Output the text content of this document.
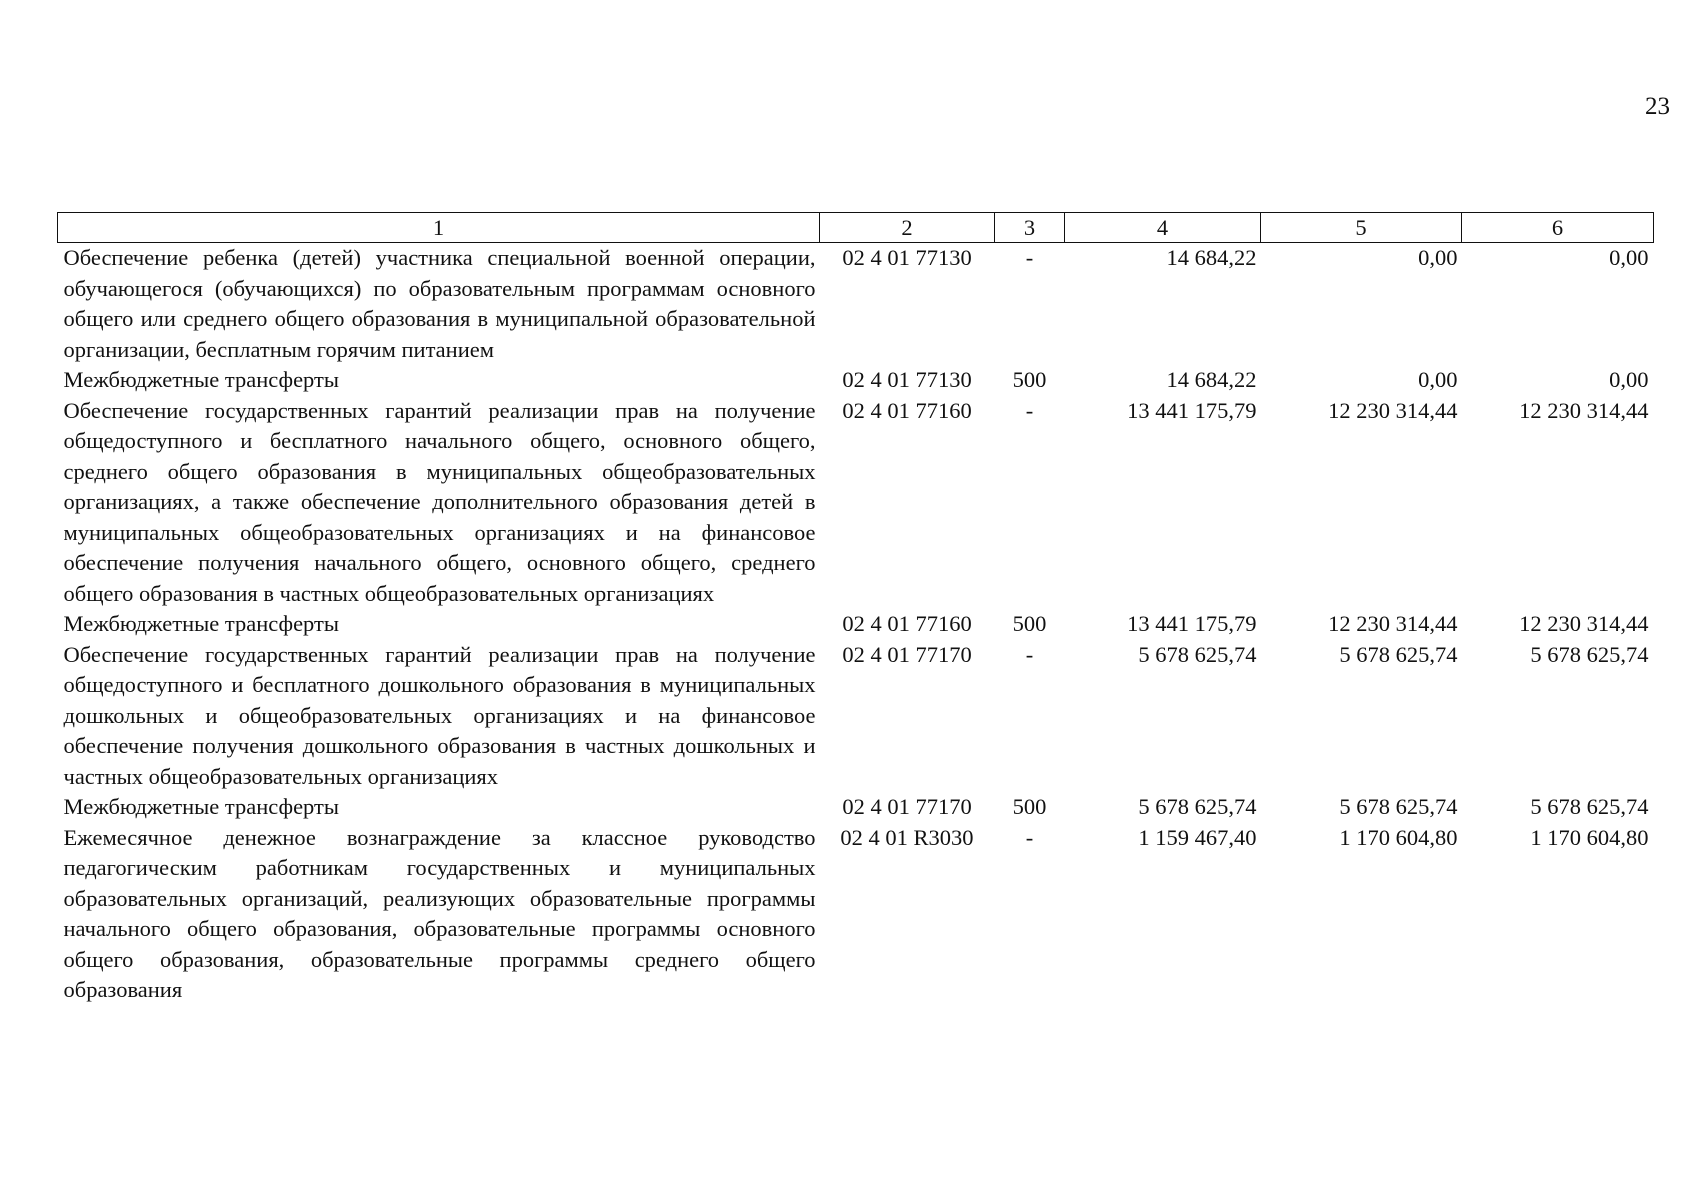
23
1	2	3	4	5	6
Обеспечение ребенка (детей) участника специальной военной операции, обучающегося (обучающихся) по образовательным программам основного общего или среднего общего образования в муниципальной образовательной организации, бесплатным горячим питанием	02 4 01 77130	-	14 684,22	0,00	0,00
Межбюджетные трансферты	02 4 01 77130	500	14 684,22	0,00	0,00
Обеспечение государственных гарантий реализации прав на получение общедоступного и бесплатного начального общего, основного общего, среднего общего образования в муниципальных общеобразовательных организациях, а также обеспечение дополнительного образования детей в муниципальных общеобразовательных организациях и на финансовое обеспечение получения начального общего, основного общего, среднего общего образования в частных общеобразовательных организациях	02 4 01 77160	-	13 441 175,79	12 230 314,44	12 230 314,44
Межбюджетные трансферты	02 4 01 77160	500	13 441 175,79	12 230 314,44	12 230 314,44
Обеспечение государственных гарантий реализации прав на получение общедоступного и бесплатного дошкольного образования в муниципальных дошкольных и общеобразовательных организациях и на финансовое обеспечение получения дошкольного образования в частных дошкольных и частных общеобразовательных организациях	02 4 01 77170	-	5 678 625,74	5 678 625,74	5 678 625,74
Межбюджетные трансферты	02 4 01 77170	500	5 678 625,74	5 678 625,74	5 678 625,74
Ежемесячное денежное вознаграждение за классное руководство педагогическим работникам государственных и муниципальных образовательных организаций, реализующих образовательные программы начального общего образования, образовательные программы основного общего образования, образовательные программы среднего общего образования	02 4 01 R3030	-	1 159 467,40	1 170 604,80	1 170 604,80
